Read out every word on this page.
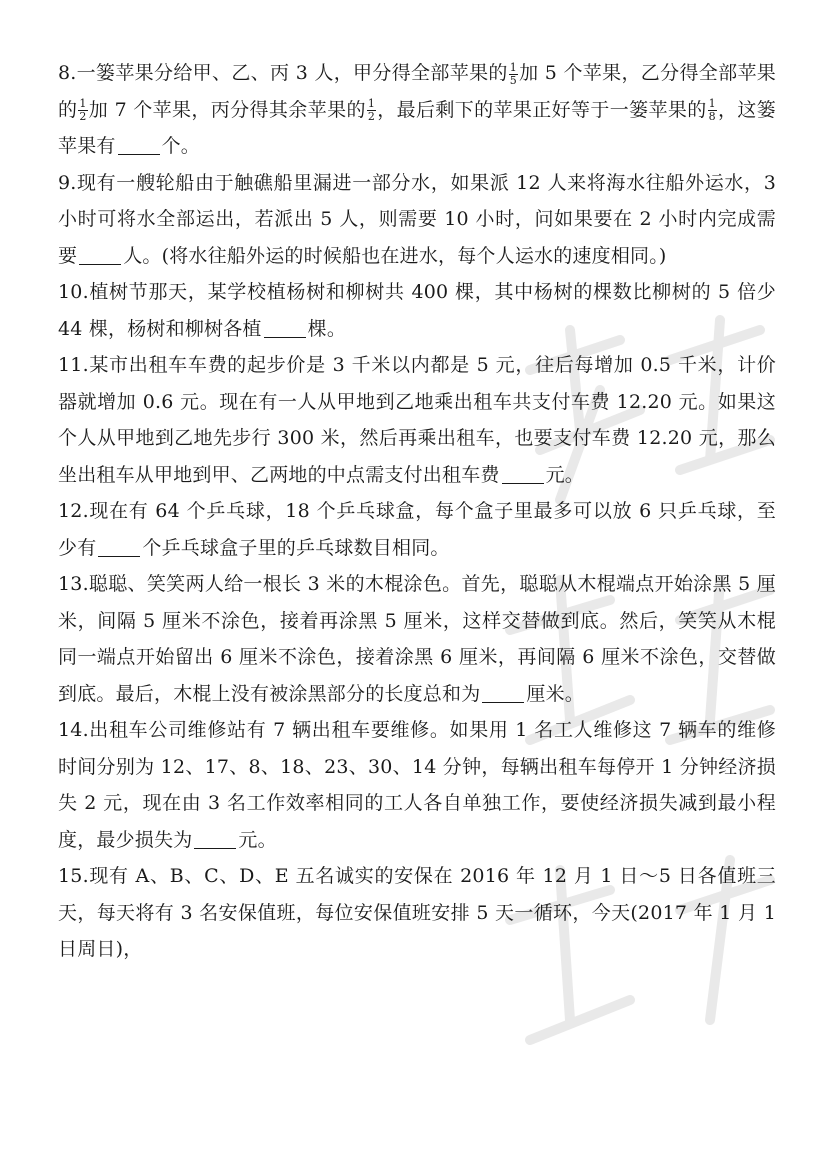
8.一篓苹果分给甲、乙、丙 3 人，甲分得全部苹果的 $\frac{1}{5}$ 加 5 个苹果，乙分得全部苹果的 $\frac{1}{2}$ 加 7 个苹果，丙分得其余苹果的 $\frac{1}{2}$ ，最后剩下的苹果正好等于一篓苹果的 $\frac{1}{8}$ ，这篓苹果有 个。

9.现有一艘轮船由于触礁船里漏进一部分水，如果派 12 人来将海水往船外运水，3 小时可将水全部运出，若派出 5 人，则需要 10 小时，问如果要在 2 小时内完成需要 人。(将水往船外运的时候船也在进水，每个人运水的速度相同。)

10.植树节那天，某学校植杨树和柳树共 400 棵，其中杨树的棵数比柳树的 5 倍少 44 棵，杨树和柳树各植 棵。

11.某市出租车车费的起步价是 3 千米以内都是 5 元，往后每增加 0.5 千米，计价器就增加 0.6 元。现在有一人从甲地到乙地乘出租车共支付车费 12.20 元。如果这个人从甲地到乙地先步行 300 米，然后再乘出租车，也要支付车费 12.20 元，那么坐出租车从甲地到甲、乙两地的中点需支付出租车费 元。

12.现在有 64 个乒乓球，18 个乒乓球盒，每个盒子里最多可以放 6 只乒乓球，至少有 个乒乓球盒子里的乒乓球数目相同。

13.聪聪、笑笑两人给一根长 3 米的木棍涂色。首先，聪聪从木棍端点开始涂黑 5 厘米，间隔 5 厘米不涂色，接着再涂黑 5 厘米，这样交替做到底。然后，笑笑从木棍同一端点开始留出 6 厘米不涂色，接着涂黑 6 厘米，再间隔 6 厘米不涂色，交替做到底。最后，木棍上没有被涂黑部分的长度总和为 厘米。

14.出租车公司维修站有 7 辆出租车要维修。如果用 1 名工人维修这 7 辆车的维修时间分别为 12、17、8、18、23、30、14 分钟，每辆出租车每停开 1 分钟经济损失 2 元，现在由 3 名工作效率相同的工人各自单独工作，要使经济损失减到最小程度，最少损失为 元。

15.现有 A、B、C、D、E 五名诚实的安保在 2016 年 12 月 1 日～5 日各值班三天，每天将有 3 名安保值班，每位安保值班安排 5 天一循环，今天(2017 年 1 月 1 日周日)，
